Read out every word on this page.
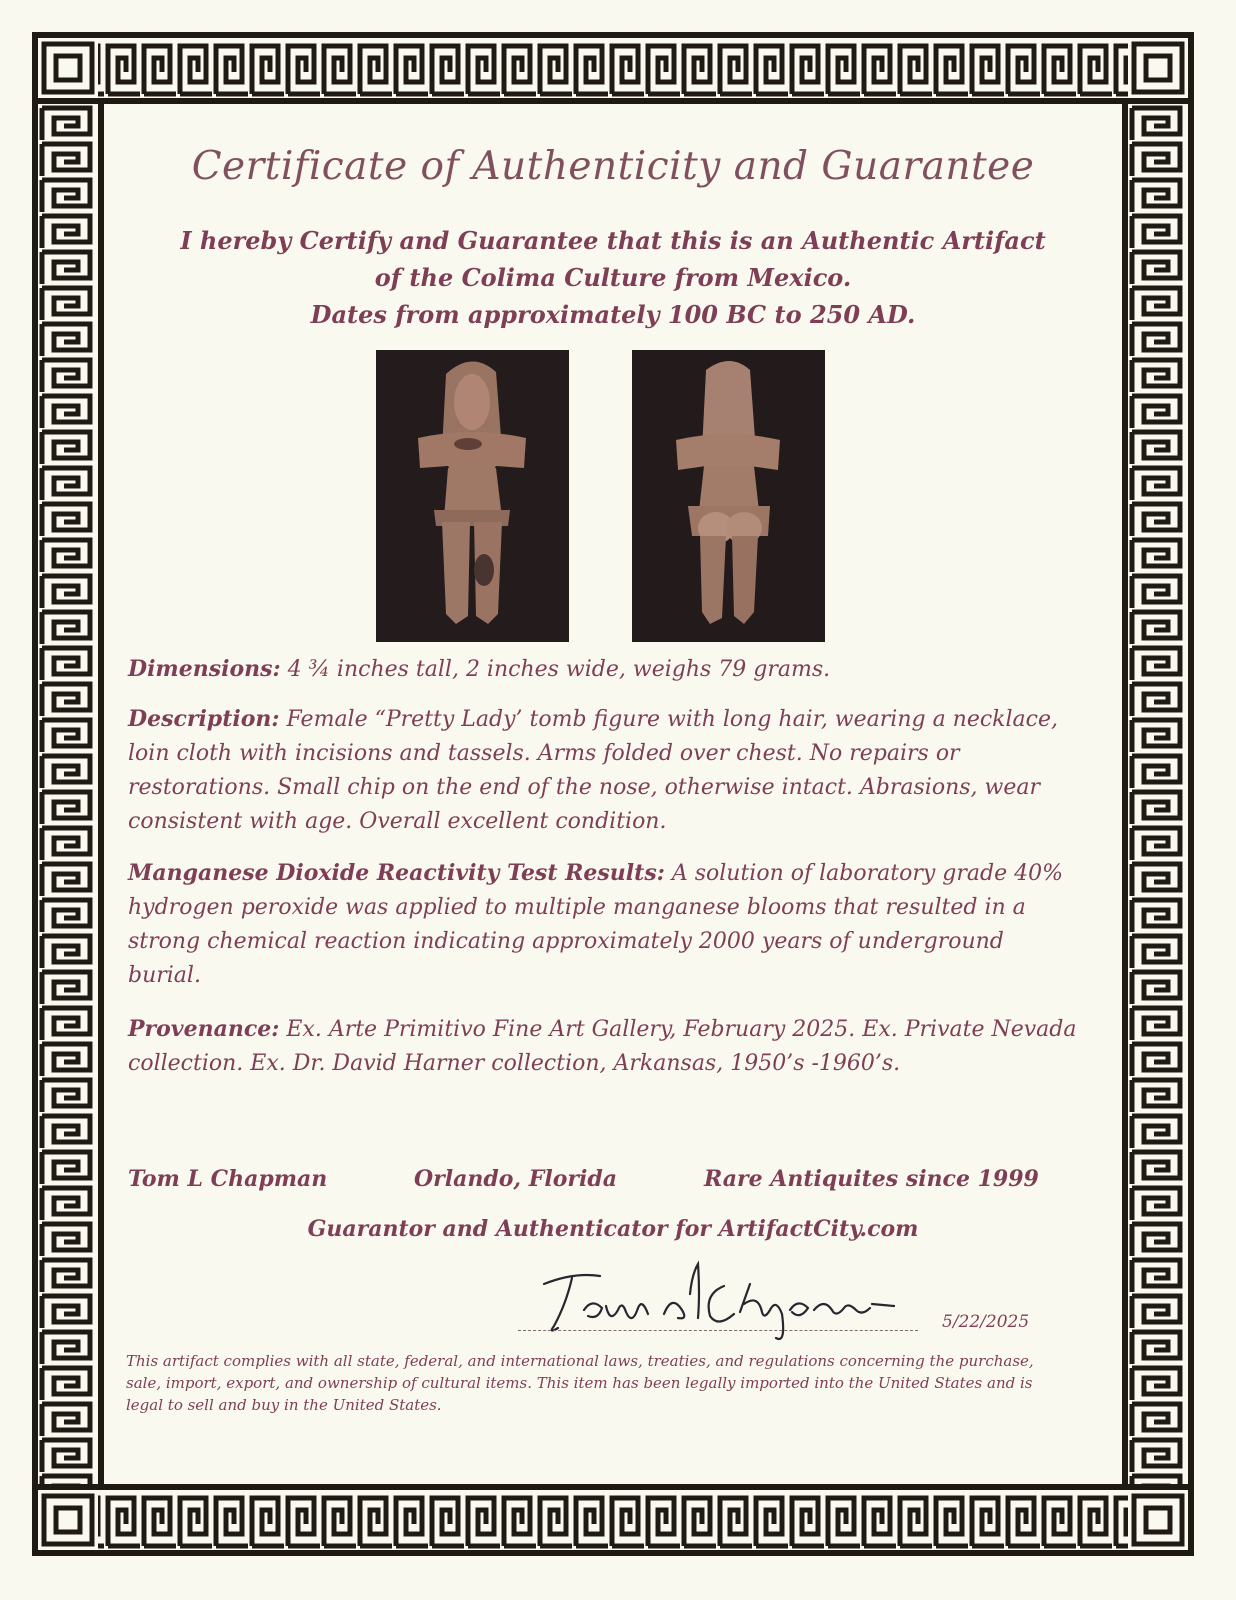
Certificate of Authenticity and Guarantee
I hereby Certify and Guarantee that this is an Authentic Artifact
of the Colima Culture from Mexico.
Dates from approximately 100 BC to 250 AD.
Dimensions: 4 ¾ inches tall, 2 inches wide, weighs 79 grams.
Description: Female “Pretty Lady’ tomb figure with long hair, wearing a necklace, loin cloth with incisions and tassels. Arms folded over chest. No repairs or restorations. Small chip on the end of the nose, otherwise intact. Abrasions, wear consistent with age. Overall excellent condition.
Manganese Dioxide Reactivity Test Results: A solution of laboratory grade 40% hydrogen peroxide was applied to multiple manganese blooms that resulted in a strong chemical reaction indicating approximately 2000 years of underground burial.
Provenance: Ex. Arte Primitivo Fine Art Gallery, February 2025. Ex. Private Nevada collection. Ex. Dr. David Harner collection, Arkansas, 1950’s -1960’s.
Tom L Chapman	Orlando, Florida	Rare Antiquites since 1999
Guarantor and Authenticator for ArtifactCity.com
5/22/2025
This artifact complies with all state, federal, and international laws, treaties, and regulations concerning the purchase, sale, import, export, and ownership of cultural items. This item has been legally imported into the United States and is legal to sell and buy in the United States.
